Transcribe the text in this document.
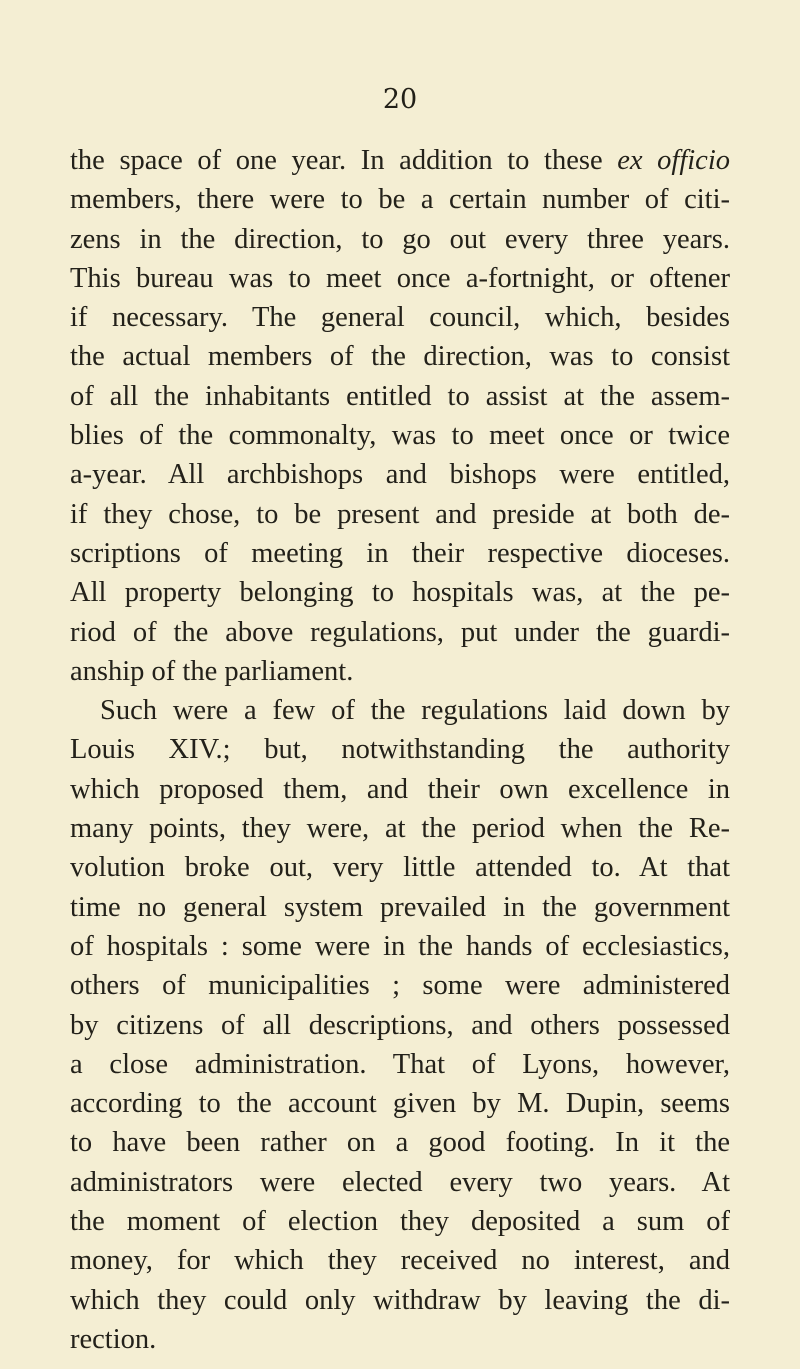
20
the space of one year. In addition to these ex officio
members, there were to be a certain number of citi-
zens in the direction, to go out every three years.
This bureau was to meet once a-fortnight, or oftener
if necessary. The general council, which, besides
the actual members of the direction, was to consist
of all the inhabitants entitled to assist at the assem-
blies of the commonalty, was to meet once or twice
a-year. All archbishops and bishops were entitled,
if they chose, to be present and preside at both de-
scriptions of meeting in their respective dioceses.
All property belonging to hospitals was, at the pe-
riod of the above regulations, put under the guardi-
anship of the parliament.
Such were a few of the regulations laid down by
Louis XIV.; but, notwithstanding the authority
which proposed them, and their own excellence in
many points, they were, at the period when the Re-
volution broke out, very little attended to. At that
time no general system prevailed in the government
of hospitals : some were in the hands of ecclesiastics,
others of municipalities ; some were administered
by citizens of all descriptions, and others possessed
a close administration. That of Lyons, however,
according to the account given by M. Dupin, seems
to have been rather on a good footing. In it the
administrators were elected every two years. At
the moment of election they deposited a sum of
money, for which they received no interest, and
which they could only withdraw by leaving the di-
rection.
